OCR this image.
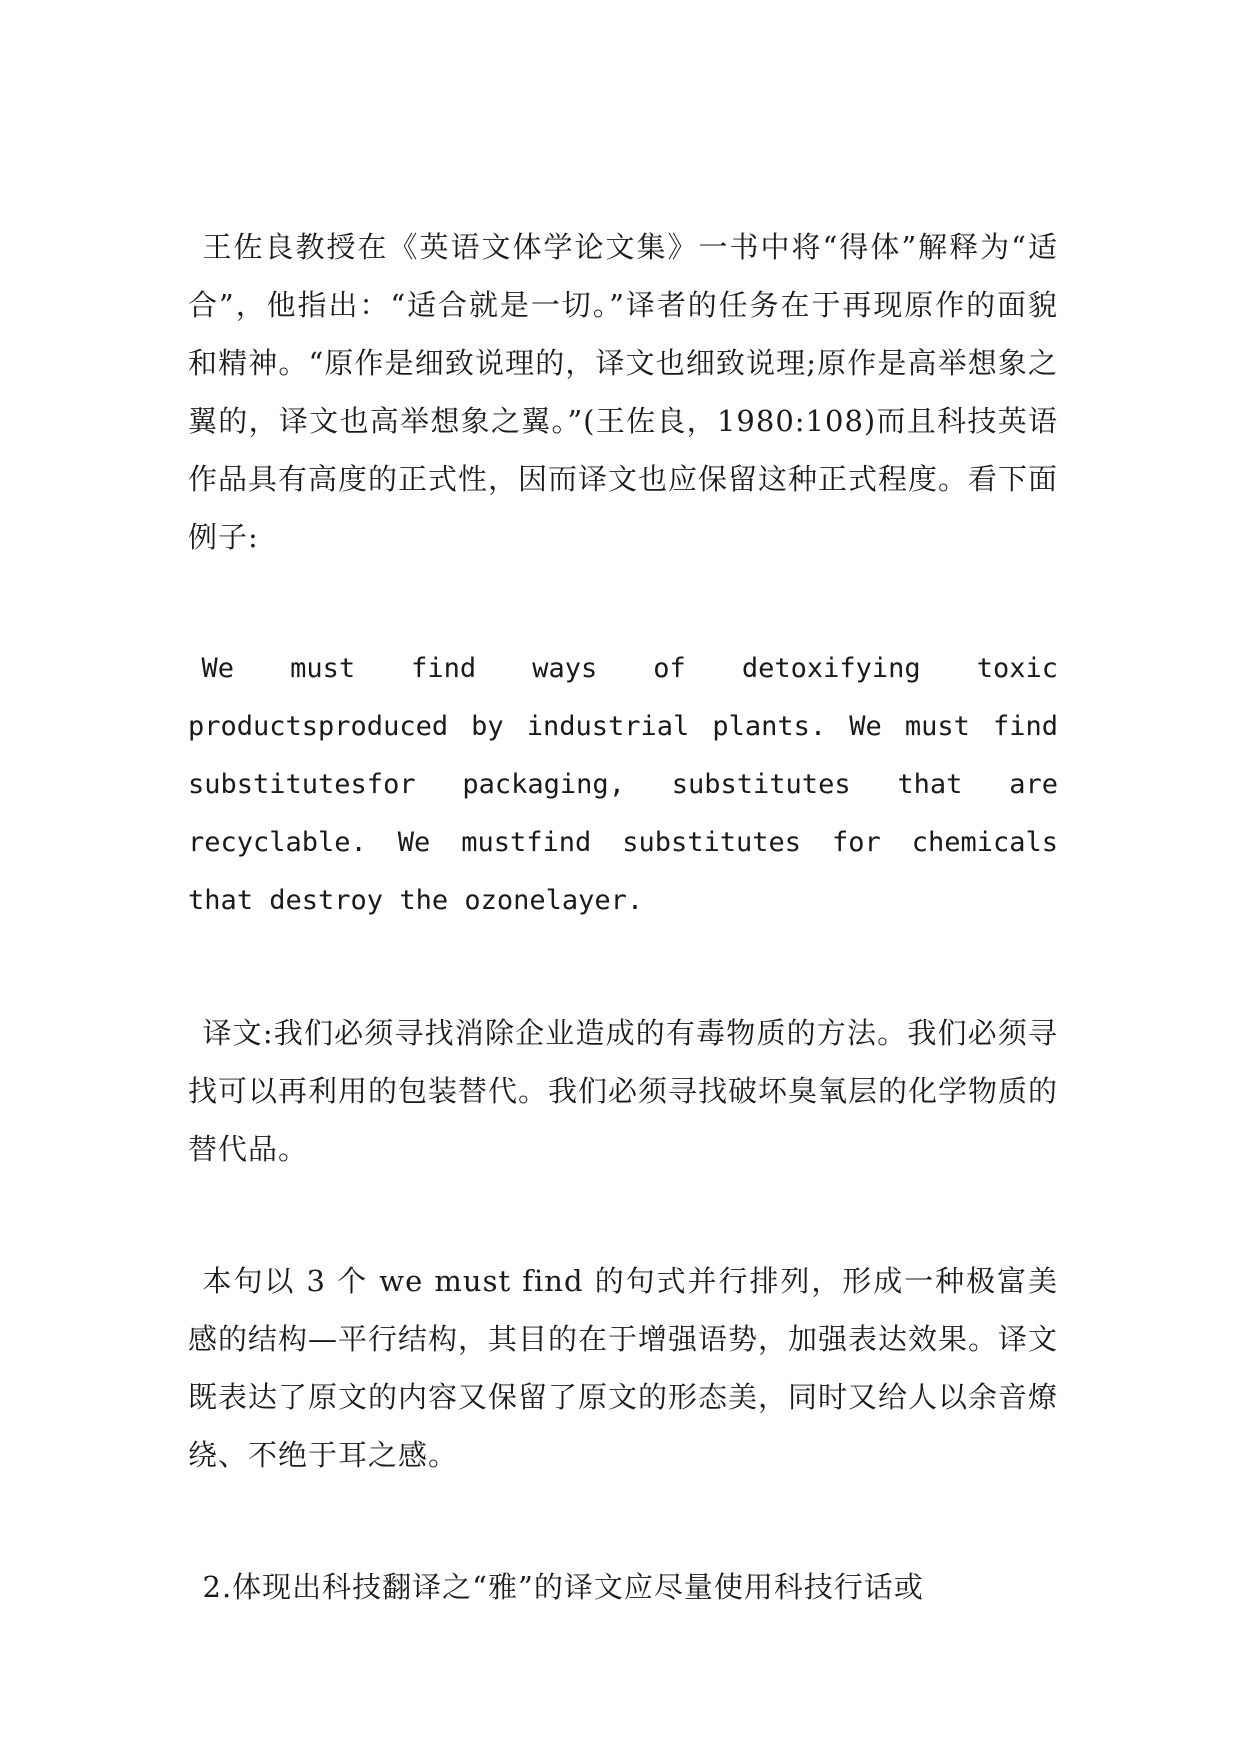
王佐良教授在《英语文体学论文集》一书中将“得体”解释为“适合”，他指出：“适合就是一切。”译者的任务在于再现原作的面貌和精神。“原作是细致说理的，译文也细致说理;原作是高举想象之翼的，译文也高举想象之翼。”(王佐良，1980:108)而且科技英语作品具有高度的正式性，因而译文也应保留这种正式程度。看下面例子:

We must find ways of detoxifying toxic productsproduced by industrial plants. We must find substitutesfor packaging, substitutes that are recyclable. We mustfind substitutes for chemicals that destroy the ozonelayer.

译文:我们必须寻找消除企业造成的有毒物质的方法。我们必须寻找可以再利用的包装替代。我们必须寻找破坏臭氧层的化学物质的替代品。

本句以 3 个 we must find 的句式并行排列，形成一种极富美感的结构—平行结构，其目的在于增强语势，加强表达效果。译文既表达了原文的内容又保留了原文的形态美，同时又给人以余音燎绕、不绝于耳之感。

2.体现出科技翻译之“雅”的译文应尽量使用科技行话或
